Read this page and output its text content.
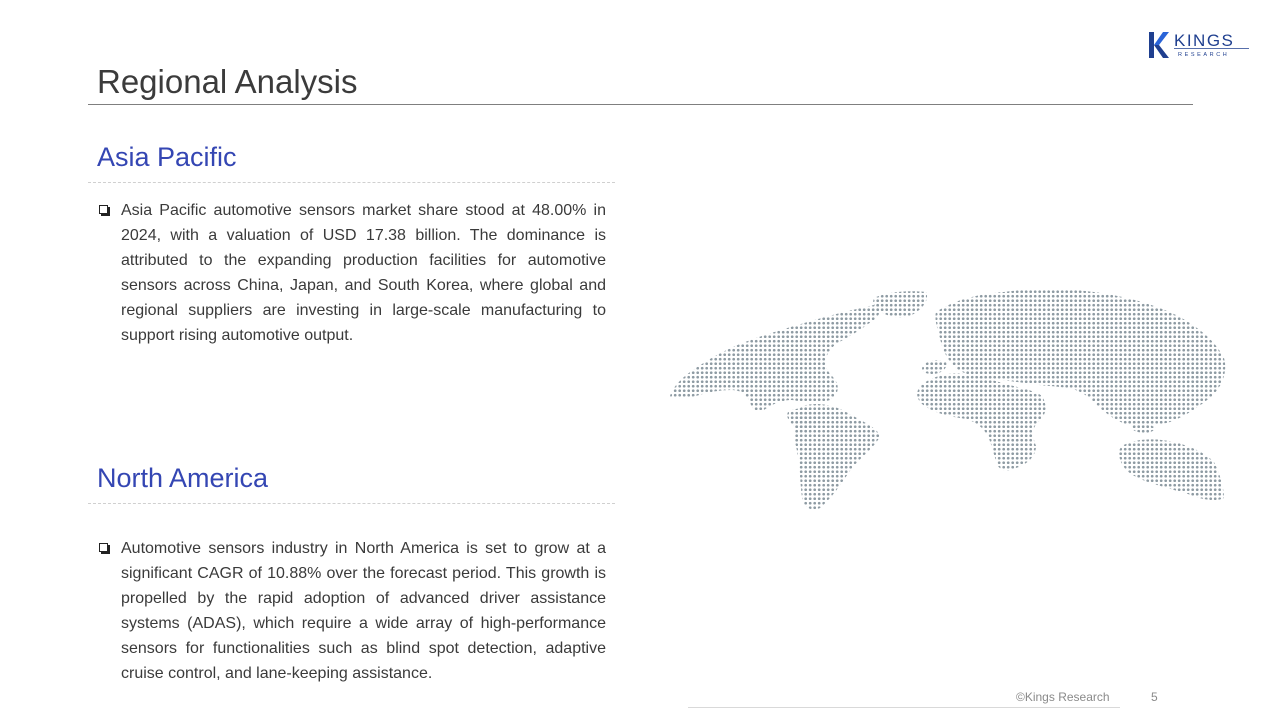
KINGS
RESEARCH
Regional Analysis
Asia Pacific
Asia Pacific automotive sensors market share stood at 48.00% in 2024, with a valuation of USD 17.38 billion. The dominance is attributed to the expanding production facilities for automotive sensors across China, Japan, and South Korea, where global and regional suppliers are investing in large-scale manufacturing to support rising automotive output.
North America
Automotive sensors industry in North America is set to grow at a significant CAGR of 10.88% over the forecast period. This growth is propelled by the rapid adoption of advanced driver assistance systems (ADAS), which require a wide array of high-performance sensors for functionalities such as blind spot detection, adaptive cruise control, and lane-keeping assistance.
©Kings Research	5
